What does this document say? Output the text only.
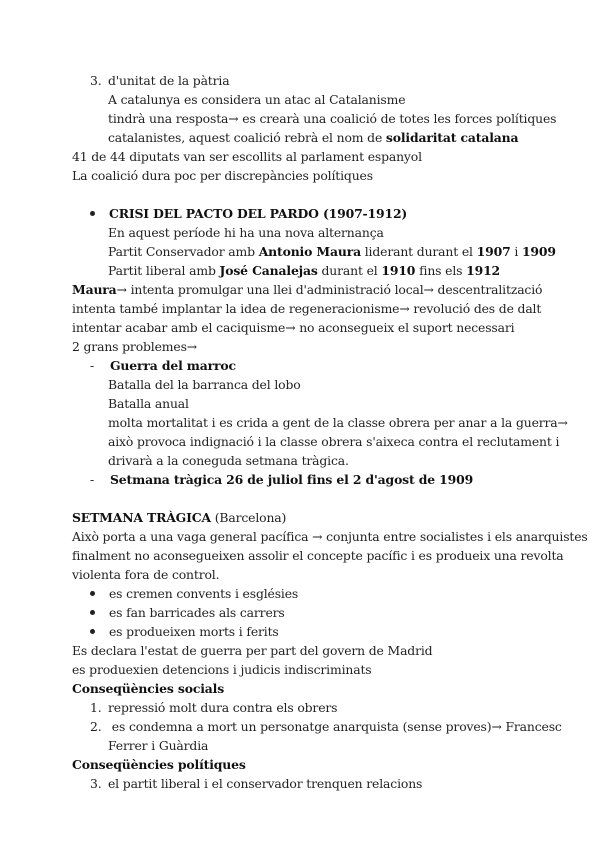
3. d'unitat de la pàtria
A catalunya es considera un atac al Catalanisme
tindrà una resposta→ es crearà una coalició de totes les forces polítiques
catalanistes, aquest coalició rebrà el nom de solidaritat catalana
41 de 44 diputats van ser escollits al parlament espanyol
La coalició dura poc per discrepàncies polítiques
CRISI DEL PACTO DEL PARDO (1907-1912)
En aquest període hi ha una nova alternança
Partit Conservador amb Antonio Maura liderant durant el 1907 i 1909
Partit liberal amb José Canalejas durant el 1910 fins els 1912
Maura→ intenta promulgar una llei d'administració local→ descentralització
intenta també implantar la idea de regeneracionisme→ revolució des de dalt
intentar acabar amb el caciquisme→ no aconsegueix el suport necessari
2 grans problemes→
- Guerra del marroc
Batalla del la barranca del lobo
Batalla anual
molta mortalitat i es crida a gent de la classe obrera per anar a la guerra→
això provoca indignació i la classe obrera s'aixeca contra el reclutament i
drivarà a la coneguda setmana tràgica.
- Setmana tràgica 26 de juliol fins el 2 d'agost de 1909
SETMANA TRÀGICA (Barcelona)
Això porta a una vaga general pacífica → conjunta entre socialistes i els anarquistes
finalment no aconsegueixen assolir el concepte pacífic i es produeix una revolta
violenta fora de control.
es cremen convents i esglésies
es fan barricades als carrers
es produeixen morts i ferits
Es declara l'estat de guerra per part del govern de Madrid
es produexien detencions i judicis indiscriminats
Conseqüències socials
1. repressió molt dura contra els obrers
2. es condemna a mort un personatge anarquista (sense proves)→ Francesc
Ferrer i Guàrdia
Conseqüències polítiques
3. el partit liberal i el conservador trenquen relacions
